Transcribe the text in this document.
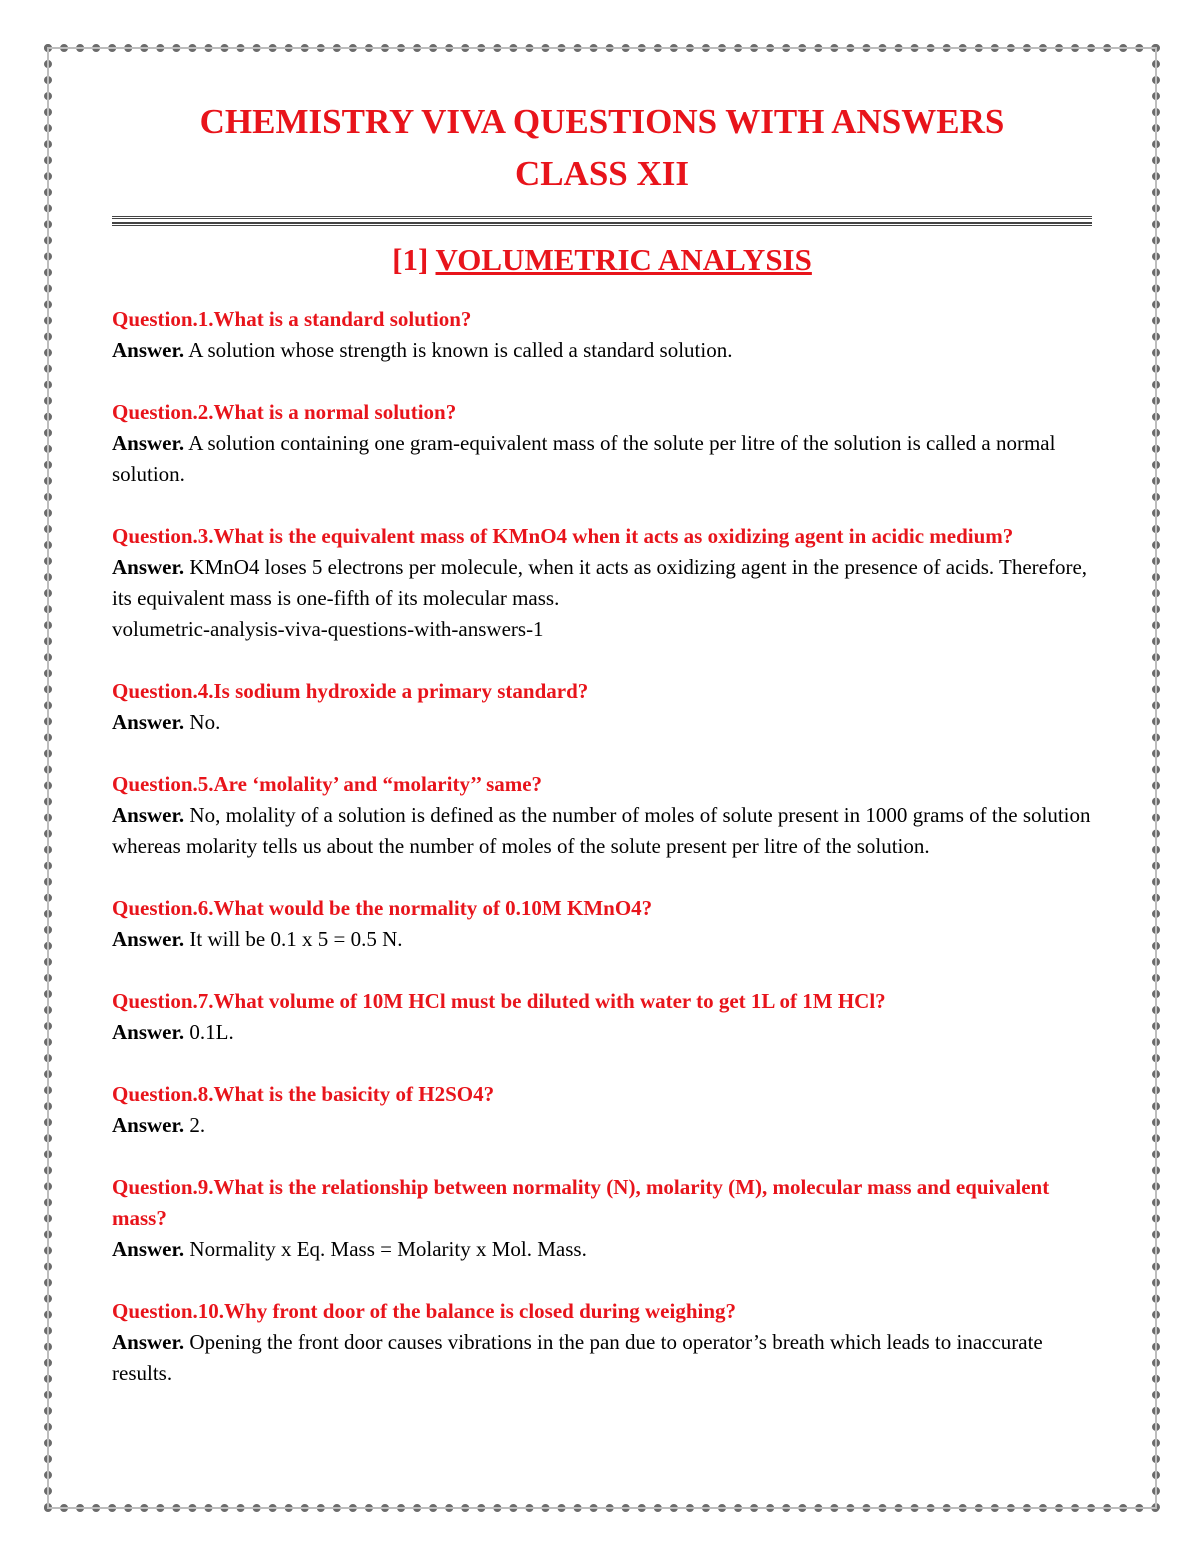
CHEMISTRY VIVA QUESTIONS WITH ANSWERS
CLASS XII
[1] VOLUMETRIC ANALYSIS
Question.1.What is a standard solution?
Answer. A solution whose strength is known is called a standard solution.
Question.2.What is a normal solution?
Answer. A solution containing one gram-equivalent mass of the solute per litre of the solution is called a normal solution.
Question.3.What is the equivalent mass of KMnO4 when it acts as oxidizing agent in acidic medium?
Answer. KMnO4 loses 5 electrons per molecule, when it acts as oxidizing agent in the presence of acids. Therefore, its equivalent mass is one-fifth of its molecular mass.
volumetric-analysis-viva-questions-with-answers-1
Question.4.Is sodium hydroxide a primary standard?
Answer. No.
Question.5.Are ‘molality’ and “molarity’’ same?
Answer. No, molality of a solution is defined as the number of moles of solute present in 1000 grams of the solution whereas molarity tells us about the number of moles of the solute present per litre of the solution.
Question.6.What would be the normality of 0.10M KMnO4?
Answer. It will be 0.1 x 5 = 0.5 N.
Question.7.What volume of 10M HCl must be diluted with water to get 1L of 1M HCl?
Answer. 0.1L.
Question.8.What is the basicity of H2SO4?
Answer. 2.
Question.9.What is the relationship between normality (N), molarity (M), molecular mass and equivalent mass?
Answer. Normality x Eq. Mass = Molarity x Mol. Mass.
Question.10.Why front door of the balance is closed during weighing?
Answer. Opening the front door causes vibrations in the pan due to operator’s breath which leads to inaccurate results.
